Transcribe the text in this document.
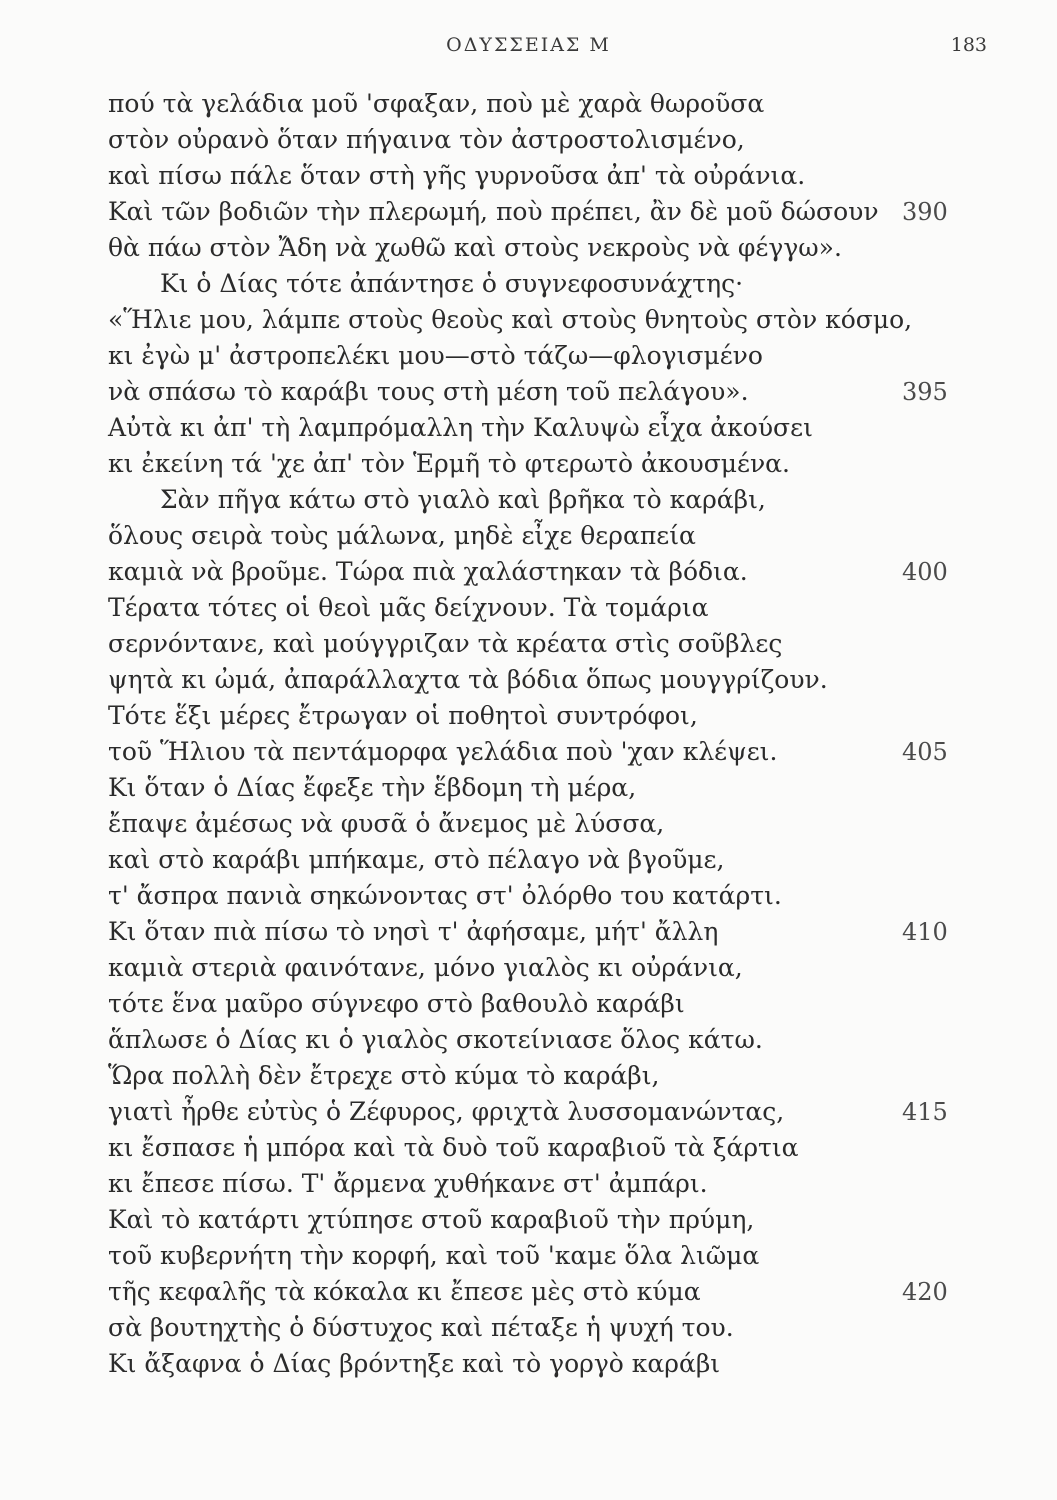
ΟΔΥΣΣΕΙΑΣ Μ	183
πού τὰ γελάδια μοῦ 'σφαξαν, ποὺ μὲ χαρὰ θωροῦσα
στὸν οὐρανὸ ὅταν πήγαινα τὸν ἀστροστολισμένο,
καὶ πίσω πάλε ὅταν στὴ γῆς γυρνοῦσα ἀπ' τὰ οὐράνια.
Καὶ τῶν βοδιῶν τὴν πλερωμή, ποὺ πρέπει, ἂν δὲ μοῦ δώσουν
θὰ πάω στὸν Ἄδη νὰ χωθῶ καὶ στοὺς νεκροὺς νὰ φέγγω».
Κι ὁ Δίας τότε ἀπάντησε ὁ συγνεφοσυνάχτης·
«Ἥλιε μου, λάμπε στοὺς θεοὺς καὶ στοὺς θνητοὺς στὸν κόσμο,
κι ἐγὼ μ' ἀστροπελέκι μου—στὸ τάζω—φλογισμένο
νὰ σπάσω τὸ καράβι τους στὴ μέση τοῦ πελάγου».
Αὐτὰ κι ἀπ' τὴ λαμπρόμαλλη τὴν Καλυψὼ εἶχα ἀκούσει
κι ἐκείνη τά 'χε ἀπ' τὸν Ἑρμῆ τὸ φτερωτὸ ἀκουσμένα.
Σὰν πῆγα κάτω στὸ γιαλὸ καὶ βρῆκα τὸ καράβι,
ὅλους σειρὰ τοὺς μάλωνα, μηδὲ εἶχε θεραπεία
καμιὰ νὰ βροῦμε. Τώρα πιὰ χαλάστηκαν τὰ βόδια.
Τέρατα τότες οἱ θεοὶ μᾶς δείχνουν. Τὰ τομάρια
σερνόντανε, καὶ μούγγριζαν τὰ κρέατα στὶς σοῦβλες
ψητὰ κι ὠμά, ἀπαράλλαχτα τὰ βόδια ὅπως μουγγρίζουν.
Τότε ἕξι μέρες ἔτρωγαν οἱ ποθητοὶ συντρόφοι,
τοῦ Ἥλιου τὰ πεντάμορφα γελάδια ποὺ 'χαν κλέψει.
Κι ὅταν ὁ Δίας ἔφεξε τὴν ἕβδομη τὴ μέρα,
ἔπαψε ἀμέσως νὰ φυσᾶ ὁ ἄνεμος μὲ λύσσα,
καὶ στὸ καράβι μπήκαμε, στὸ πέλαγο νὰ βγοῦμε,
τ' ἄσπρα πανιὰ σηκώνοντας στ' ὀλόρθο του κατάρτι.
Κι ὅταν πιὰ πίσω τὸ νησὶ τ' ἀφήσαμε, μήτ' ἄλλη
καμιὰ στεριὰ φαινότανε, μόνο γιαλὸς κι οὐράνια,
τότε ἕνα μαῦρο σύγνεφο στὸ βαθουλὸ καράβι
ἅπλωσε ὁ Δίας κι ὁ γιαλὸς σκοτείνιασε ὅλος κάτω.
Ὥρα πολλὴ δὲν ἔτρεχε στὸ κύμα τὸ καράβι,
γιατὶ ἦρθε εὐτὺς ὁ Ζέφυρος, φριχτὰ λυσσομανώντας,
κι ἔσπασε ἡ μπόρα καὶ τὰ δυὸ τοῦ καραβιοῦ τὰ ξάρτια
κι ἔπεσε πίσω. Τ' ἄρμενα χυθήκανε στ' ἀμπάρι.
Καὶ τὸ κατάρτι χτύπησε στοῦ καραβιοῦ τὴν πρύμη,
τοῦ κυβερνήτη τὴν κορφή, καὶ τοῦ 'καμε ὅλα λιῶμα
τῆς κεφαλῆς τὰ κόκαλα κι ἔπεσε μὲς στὸ κύμα
σὰ βουτηχτὴς ὁ δύστυχος καὶ πέταξε ἡ ψυχή του.
Κι ἄξαφνα ὁ Δίας βρόντηξε καὶ τὸ γοργὸ καράβι
390
395
400
405
410
415
420
